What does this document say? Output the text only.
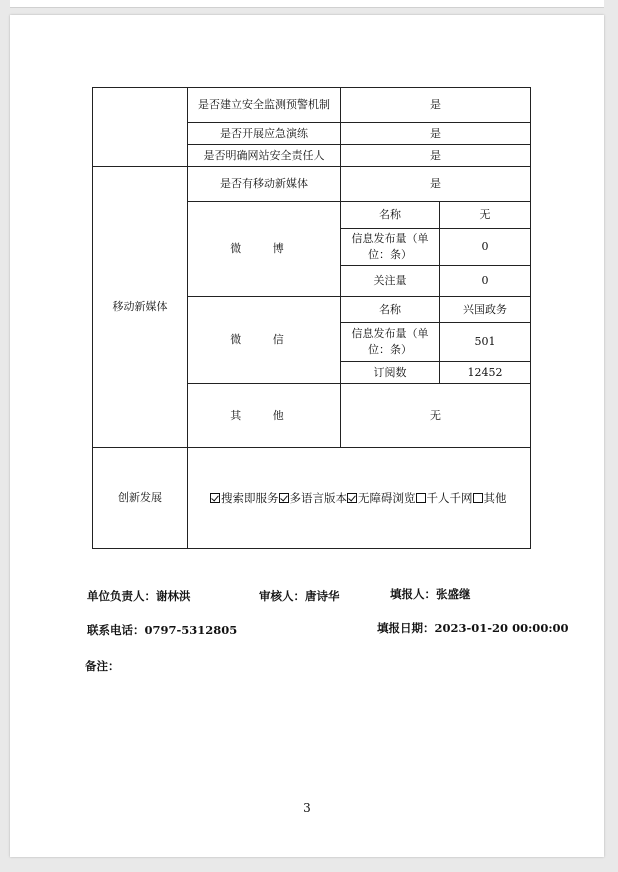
	是否建立安全监测预警机制	是	
	是否开展应急演练	是	
	是否明确网站安全责任人	是	
移动新媒体	是否有移动新媒体	是	
	微 博	名称	无
		信息发布量（单位：条）	0
		关注量	0
	微 信	名称	兴国政务
		信息发布量（单位：条）	501
		订阅数	12452
	其 他	无	
创新发展	搜索即服务 多语言版本 无障碍浏览 千人千网 其他		
单位负责人：谢林洪	审核人：唐诗华	填报人：张盛继
联系电话：0797-5312805	填报日期：2023-01-20 00:00:00
备注：
3
